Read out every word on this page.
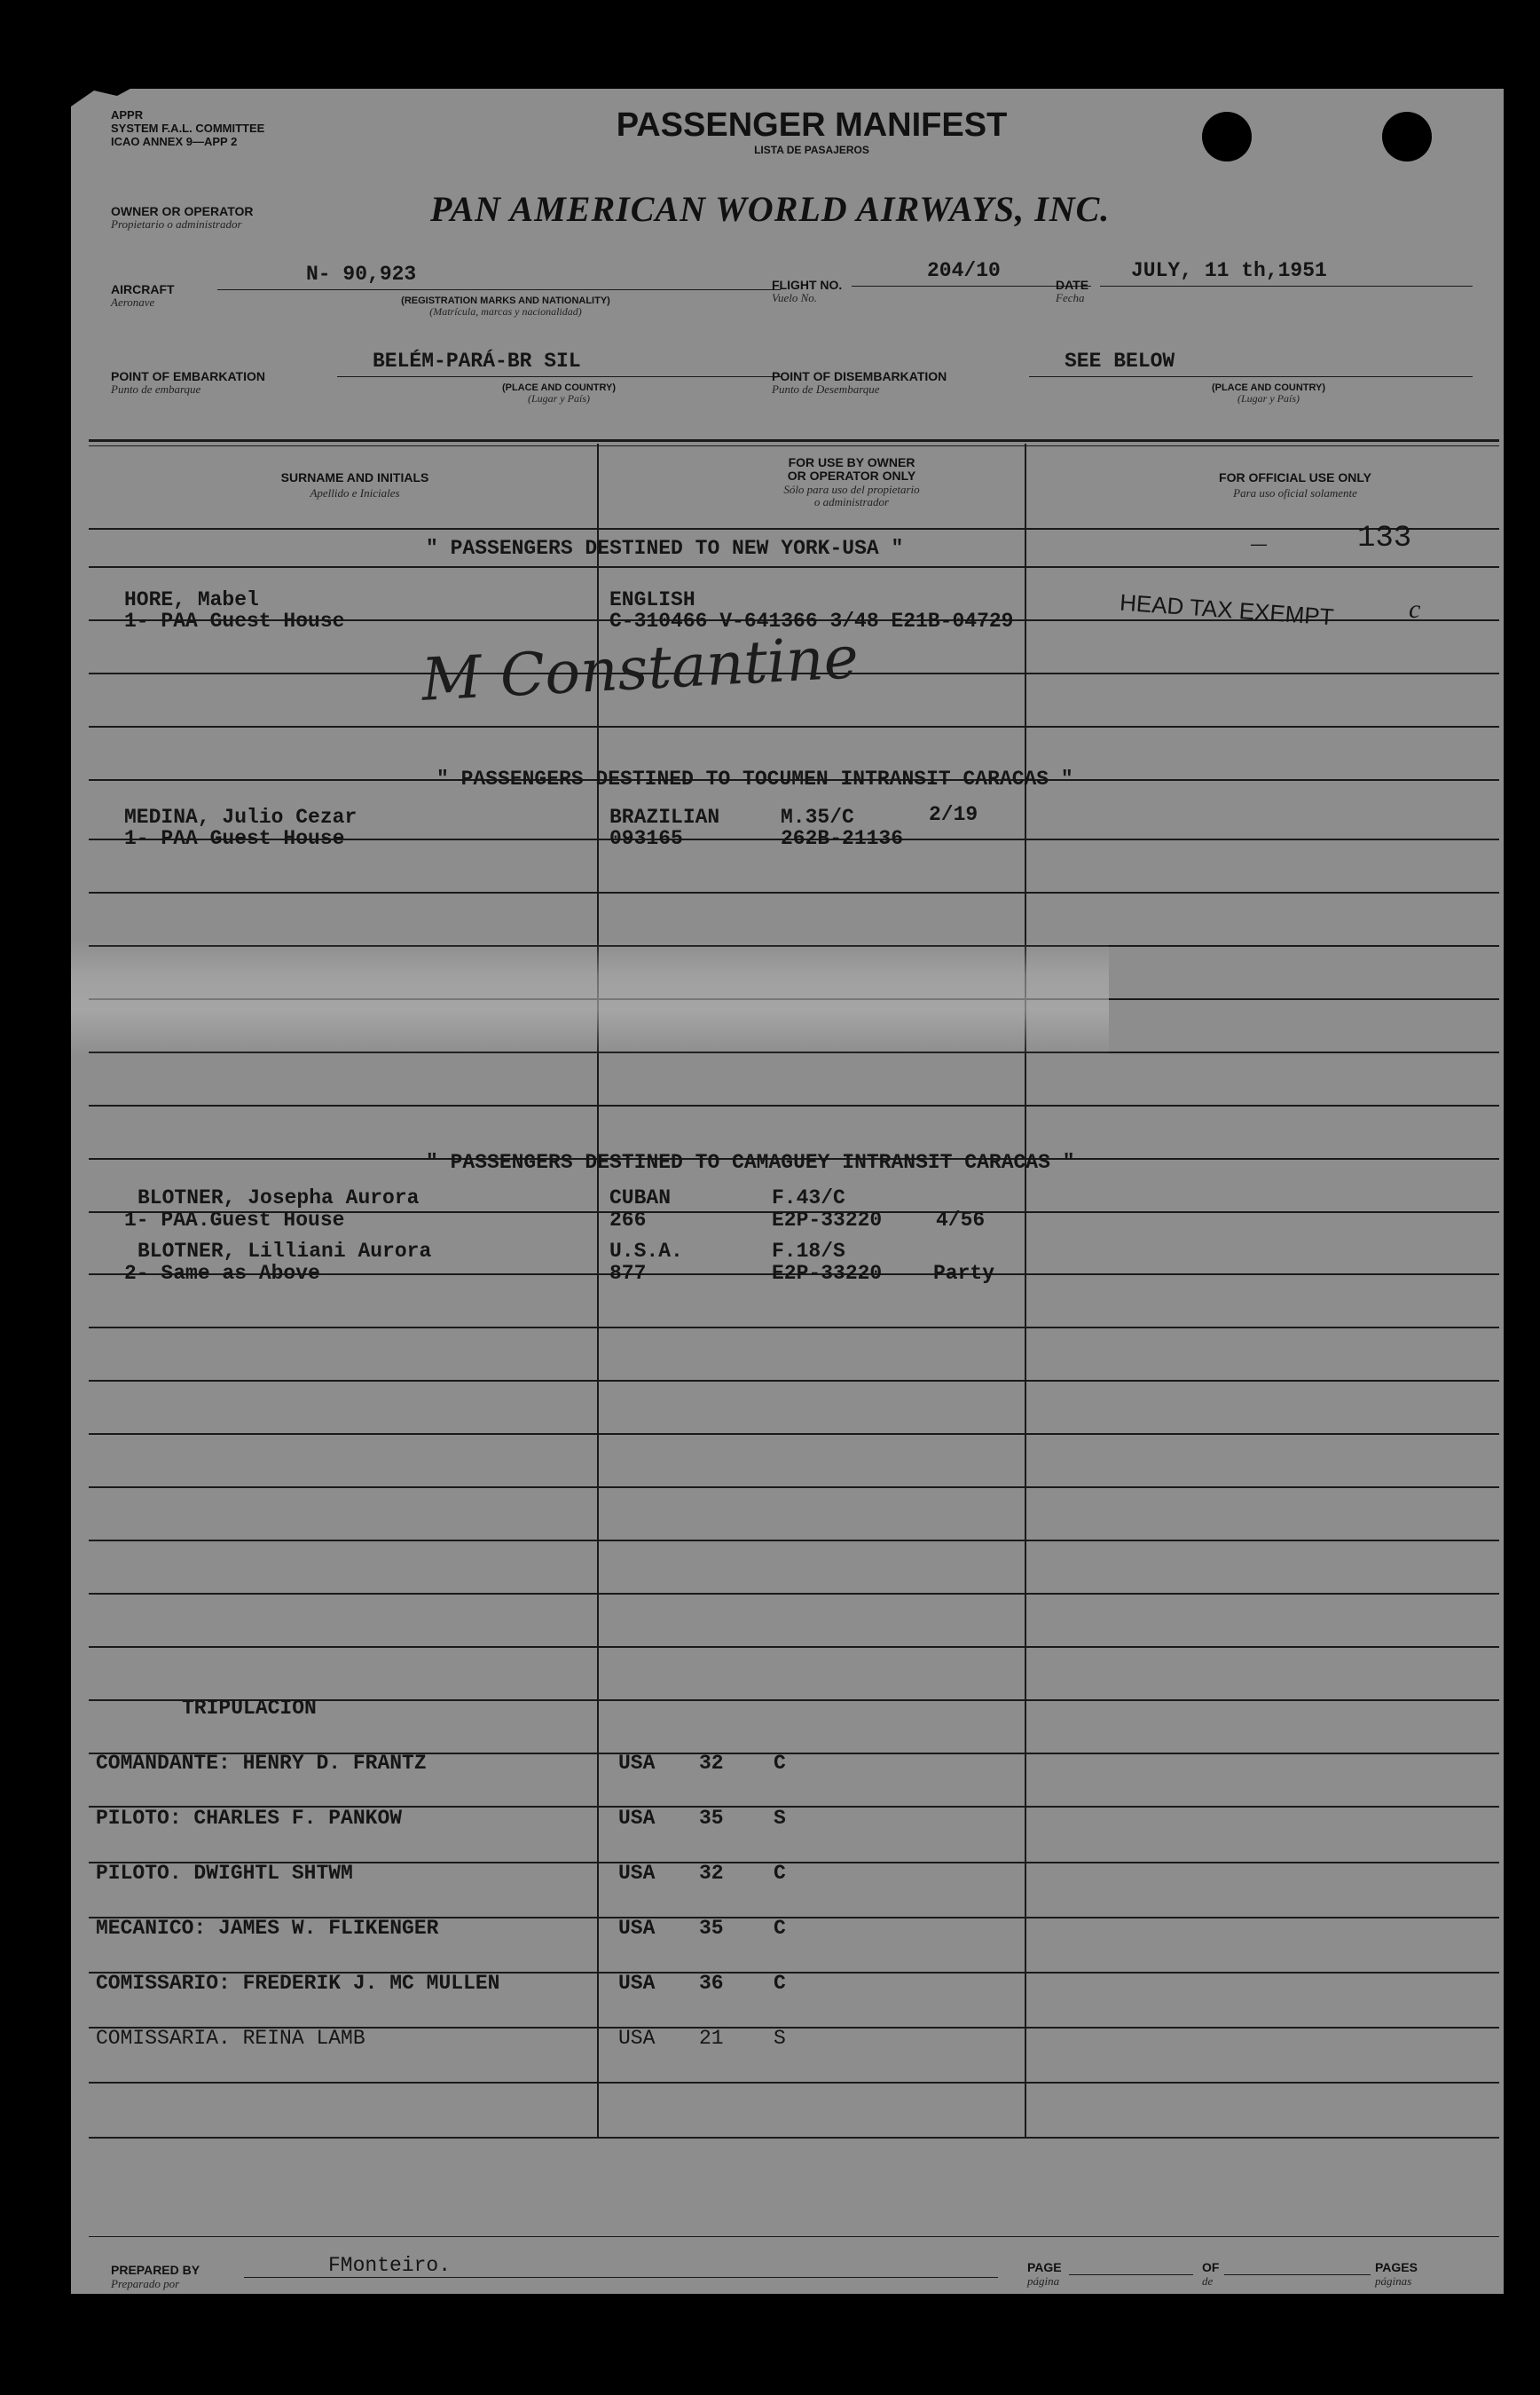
APPR
SYSTEM F.A.L. COMMITTEE
ICAO ANNEX 9—APP 2	PASSENGER MANIFEST
LISTA DE PASAJEROS
OWNER OR OPERATOR
Propietario o administrador	PAN AMERICAN WORLD AIRWAYS, INC.
AIRCRAFT
Aeronave
N- 90,923
(REGISTRATION MARKS AND NATIONALITY)
(Matrícula, marcas y nacionalidad)
FLIGHT NO.
Vuelo No.
204/10
DATE
Fecha
JULY, 11 th,1951
POINT OF EMBARKATION
Punto de embarque
BELÉM-PARÁ-BR SIL
(PLACE AND COUNTRY)
(Lugar y País)
POINT OF DISEMBARKATION
Punto de Desembarque
SEE BELOW
(PLACE AND COUNTRY)
(Lugar y País)
SURNAME AND INITIALS
Apellido e Iniciales
FOR USE BY OWNER
OR OPERATOR ONLY
Sólo para uso del propietario
o administrador
FOR OFFICIAL USE ONLY
Para uso oficial solamente
" PASSENGERS DESTINED TO NEW YORK-USA "	133
_
HORE, Mabel
1- PAA Guest House
ENGLISH
C-310466 V-641366 3/48 E21B-04729	HEAD TAX EXEMPT	c
M Constantine
" PASSENGERS DESTINED TO TOCUMEN INTRANSIT CARACAS "
MEDINA, Julio Cezar
1- PAA Guest House
BRAZILIAN	M.35/C	2/19
093165	262B-21136
" PASSENGERS DESTINED TO CAMAGUEY INTRANSIT CARACAS "
BLOTNER, Josepha Aurora
1- PAA.Guest House
CUBAN	F.43/C
266	E2P-33220	4/56
BLOTNER, Lilliani Aurora
2- Same as Above
U.S.A.	F.18/S
877	E2P-33220	Party
TRIPULACION
COMANDANTE: HENRY D. FRANTZ	USA 32 C
PILOTO: CHARLES F. PANKOW	USA 35 S
PILOTO. DWIGHTL SHTWM	USA 32 C
MECANICO: JAMES W. FLIKENGER	USA 35 C
COMISSARIO: FREDERIK J. MC MULLEN	USA 36 C
COMISSARIA. REINA LAMB	USA 21 S
PREPARED BY
Preparado por
FMonteiro.	PAGE
página
OF
de
PAGES
páginas
